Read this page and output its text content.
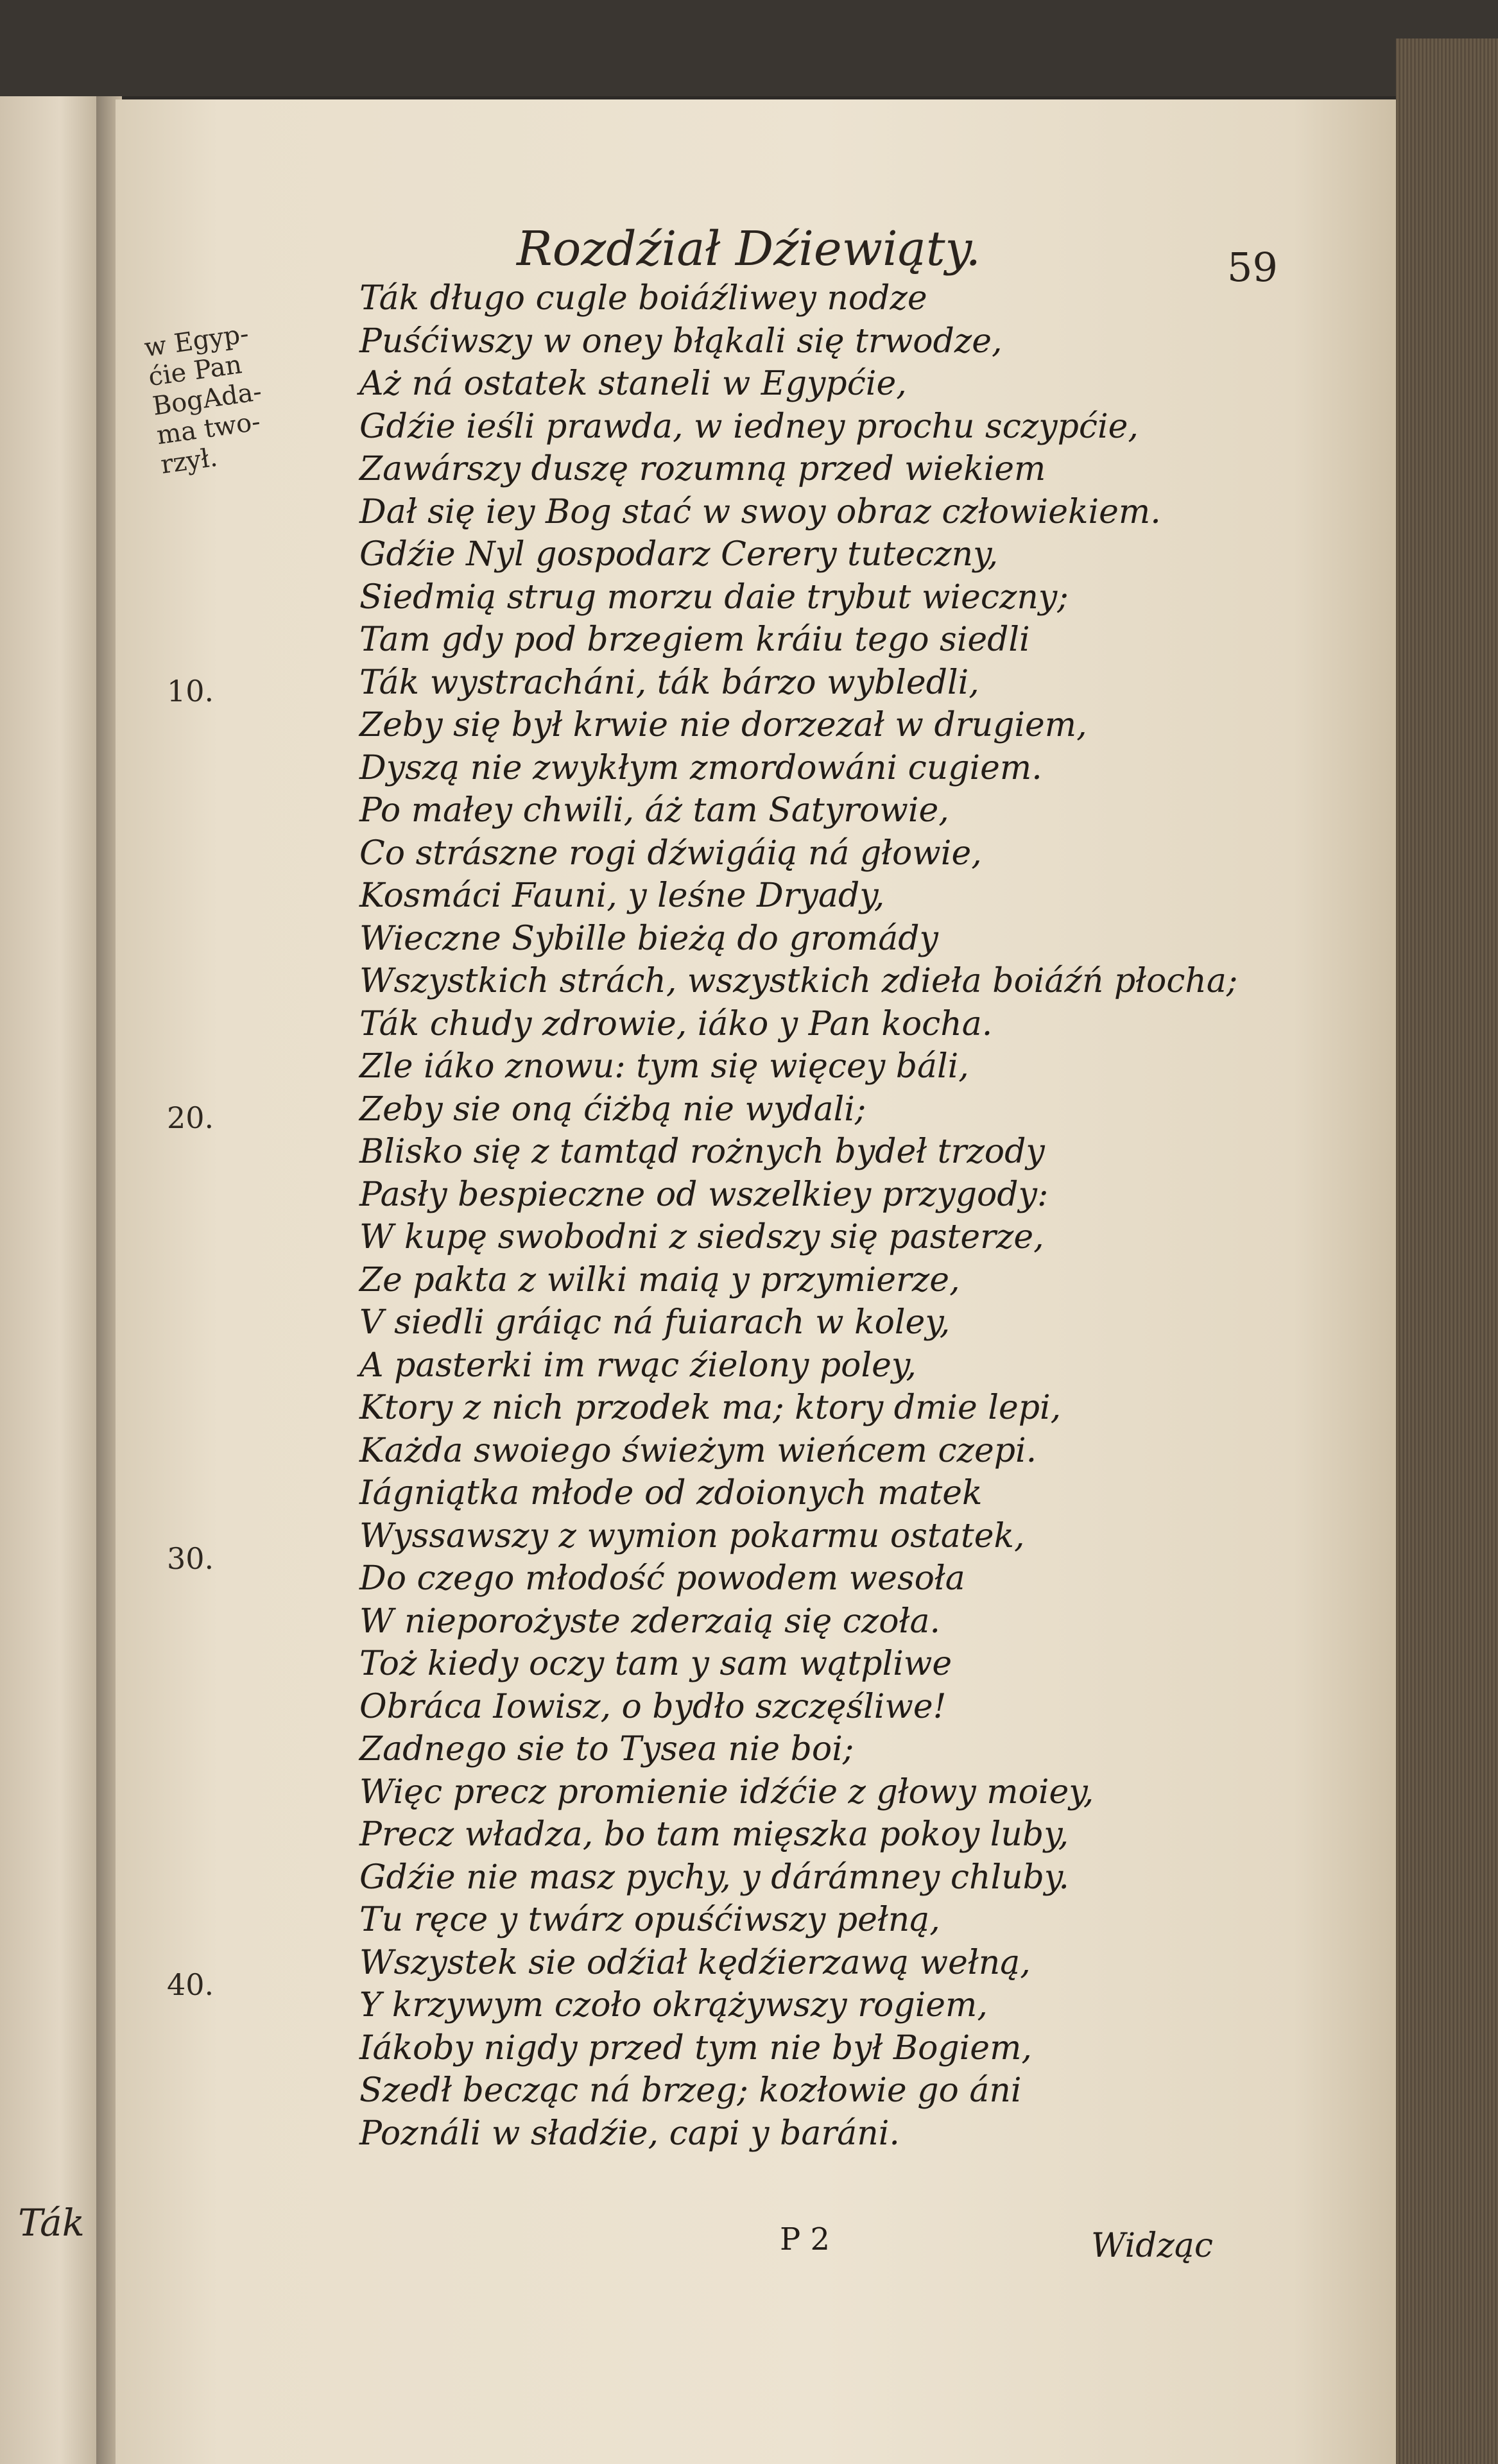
Ták
Rozdźiał Dźiewiąty.	59
w Egyp-
ćie Pan
BogAda-
ma two-
rzył.
10.
20.
30.
40.
Ták długo cugle boiáźliwey nodze
Puśćiwszy w oney błąkali się trwodze,
Aż ná ostatek staneli w Egypćie,
Gdźie ieśli prawda, w iedney prochu sczypćie,
Zawárszy duszę rozumną przed wiekiem
Dał się iey Bog stać w swoy obraz człowiekiem.
Gdźie Nyl gospodarz Cerery tuteczny,
Siedmią strug morzu daie trybut wieczny;
Tam gdy pod brzegiem kráiu tego siedli
Ták wystracháni, ták bárzo wybledli,
Zeby się był krwie nie dorzezał w drugiem,
Dyszą nie zwykłym zmordowáni cugiem.
Po małey chwili, áż tam Satyrowie,
Co strászne rogi dźwigáią ná głowie,
Kosmáci Fauni, y leśne Dryady,
Wieczne Sybille bieżą do gromády
Wszystkich strách, wszystkich zdieła boiáźń płocha;
Ták chudy zdrowie, iáko y Pan kocha.
Zle iáko znowu: tym się więcey báli,
Zeby sie oną ćiżbą nie wydali;
Blisko się z tamtąd rożnych bydeł trzody
Pasły bespieczne od wszelkiey przygody:
W kupę swobodni z siedszy się pasterze,
Ze pakta z wilki maią y przymierze,
V siedli gráiąc ná fuiarach w koley,
A pasterki im rwąc źielony poley,
Ktory z nich przodek ma; ktory dmie lepi,
Każda swoiego świeżym wieńcem czepi.
Iágniątka młode od zdoionych matek
Wyssawszy z wymion pokarmu ostatek,
Do czego młodość powodem wesoła
W nieporożyste zderzaią się czoła.
Toż kiedy oczy tam y sam wątpliwe
Obráca Iowisz, o bydło szczęśliwe!
Zadnego sie to Tysea nie boi;
Więc precz promienie idźćie z głowy moiey,
Precz władza, bo tam mięszka pokoy luby,
Gdźie nie masz pychy, y dárámney chluby.
Tu ręce y twárz opuśćiwszy pełną,
Wszystek sie odźiał kędźierzawą wełną,
Y krzywym czoło okrążywszy rogiem,
Iákoby nigdy przed tym nie był Bogiem,
Szedł becząc ná brzeg; kozłowie go áni
Poználi w sładźie, capi y baráni.
P 2	Widząc
